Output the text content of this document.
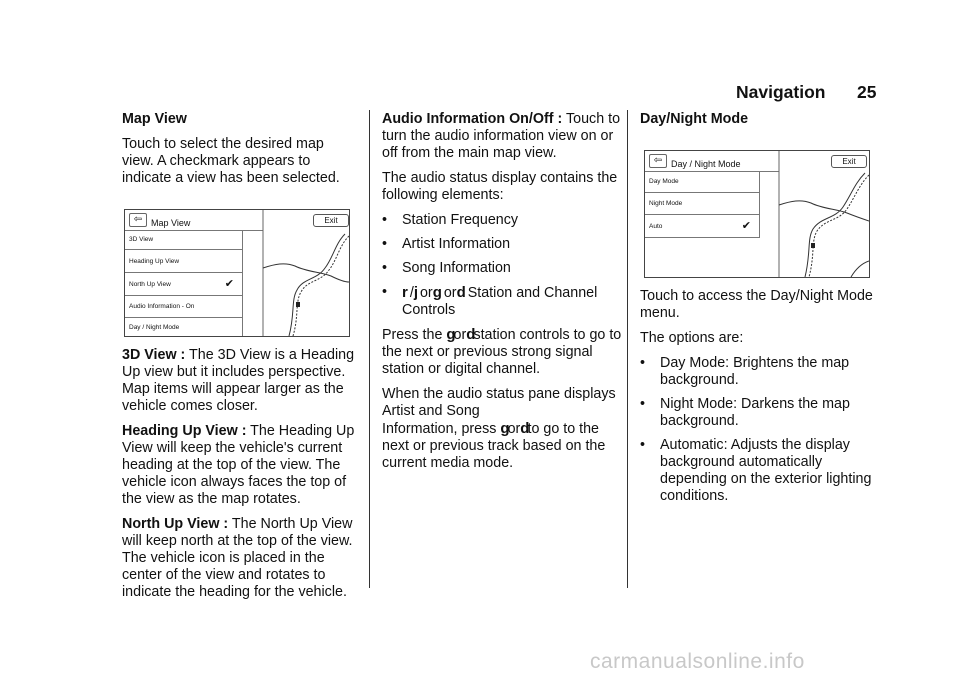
Navigation 25

Map View

Touch to select the desired map view. A checkmark appears to indicate a view has been selected.

⇦ Map View	Exit
3D View
Heading Up View
North Up View	✔
Audio Information - On
Day / Night Mode

3D View : The 3D View is a Heading Up view but it includes perspective. Map items will appear larger as the vehicle comes closer.

Heading Up View : The Heading Up View will keep the vehicle's current heading at the top of the view. The vehicle icon always faces the top of the view as the map rotates.

North Up View : The North Up View will keep north at the top of the view. The vehicle icon is placed in the center of the view and rotates to indicate the heading for the vehicle.

Audio Information On/Off : Touch to turn the audio information view on or off from the main map view.

The audio status display contains the following elements:

•	Station Frequency
•	Artist Information
•	Song Information
• r /j org ord Station and Channel Controls

Press the gordstation controls to go to the next or previous strong signal station or digital channel.

When the audio status pane displays Artist and Song
Information, press gordto go to the next or previous track based on the current media mode.

Day/Night Mode

⇦ Day / Night Mode	Exit
Day Mode
Night Mode
Auto	✔

Touch to access the Day/Night Mode menu.

The options are:

•	Day Mode: Brightens the map background.
•	Night Mode: Darkens the map background.
•	Automatic: Adjusts the display background automatically depending on the exterior lighting conditions.
carmanualsonline.info
